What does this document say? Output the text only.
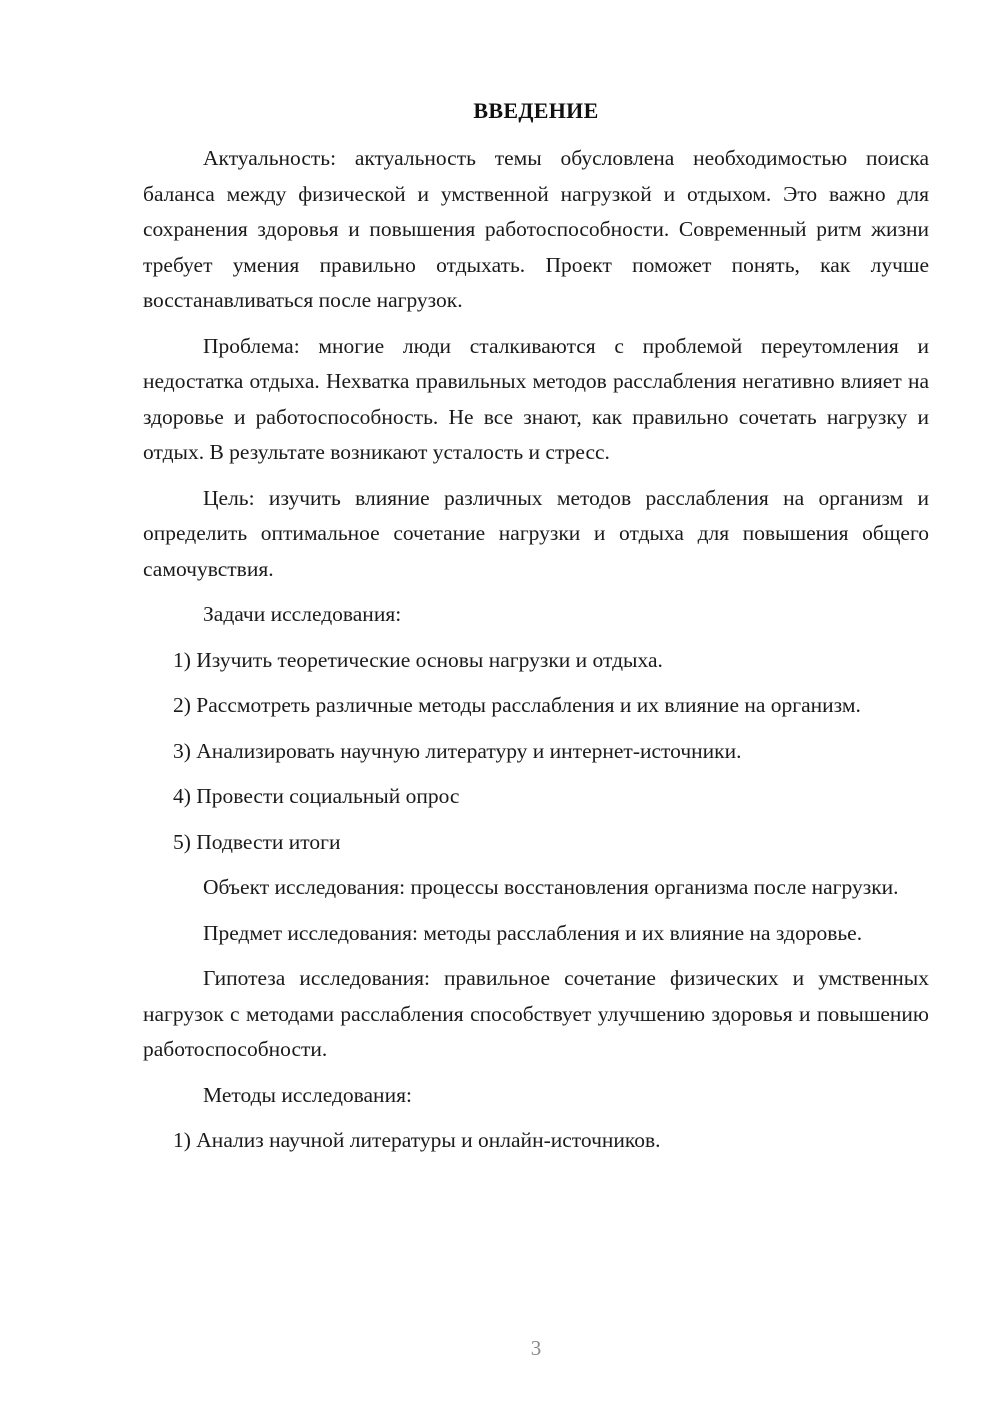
ВВЕДЕНИЕ

Актуальность: актуальность темы обусловлена необходимостью поиска баланса между физической и умственной нагрузкой и отдыхом. Это важно для сохранения здоровья и повышения работоспособности. Современный ритм жизни требует умения правильно отдыхать. Проект поможет понять, как лучше восстанавливаться после нагрузок.

Проблема: многие люди сталкиваются с проблемой переутомления и недостатка отдыха. Нехватка правильных методов расслабления негативно влияет на здоровье и работоспособность. Не все знают, как правильно сочетать нагрузку и отдых. В результате возникают усталость и стресс.

Цель: изучить влияние различных методов расслабления на организм и определить оптимальное сочетание нагрузки и отдыха для повышения общего самочувствия.

Задачи исследования:

1) Изучить теоретические основы нагрузки и отдыха.

2) Рассмотреть различные методы расслабления и их влияние на организм.

3) Анализировать научную литературу и интернет-источники.

4) Провести социальный опрос

5) Подвести итоги

Объект исследования: процессы восстановления организма после нагрузки.

Предмет исследования: методы расслабления и их влияние на здоровье.

Гипотеза исследования: правильное сочетание физических и умственных нагрузок с методами расслабления способствует улучшению здоровья и повышению работоспособности.

Методы исследования:

1) Анализ научной литературы и онлайн-источников.

3
